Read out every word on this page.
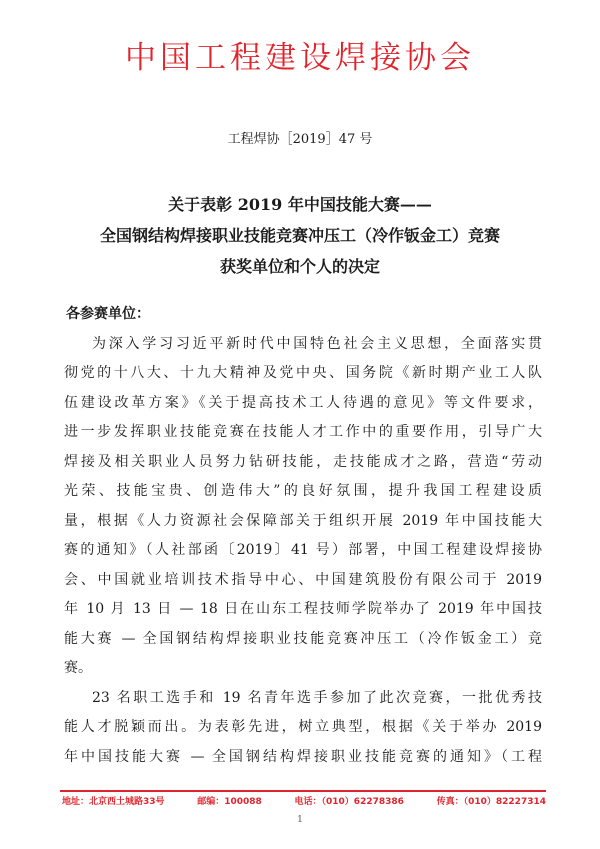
中国工程建设焊接协会
工程焊协［2019］47 号
关于表彰 2019 年中国技能大赛——
全国钢结构焊接职业技能竞赛冲压工（冷作钣金工）竞赛
获奖单位和个人的决定
各参赛单位：
为深入学习习近平新时代中国特色社会主义思想，全面落实贯
彻党的十八大、十九大精神及党中央、国务院《新时期产业工人队
伍建设改革方案》《关于提高技术工人待遇的意见》等文件要求，
进一步发挥职业技能竞赛在技能人才工作中的重要作用，引导广大
焊接及相关职业人员努力钻研技能，走技能成才之路，营造“劳动
光荣、技能宝贵、创造伟大”的良好氛围，提升我国工程建设质
量，根据《人力资源社会保障部关于组织开展 2019 年中国技能大
赛的通知》（人社部函〔2019〕41 号）部署，中国工程建设焊接协
会、中国就业培训技术指导中心、中国建筑股份有限公司于 2019
年 10 月 13 日 — 18 日在山东工程技师学院举办了 2019 年中国技
能大赛 — 全国钢结构焊接职业技能竞赛冲压工（冷作钣金工）竞
赛。
23 名职工选手和 19 名青年选手参加了此次竞赛，一批优秀技
能人才脱颖而出。为表彰先进，树立典型，根据《关于举办 2019
年中国技能大赛 — 全国钢结构焊接职业技能竞赛的通知》（工程
地址：北京西土城路33号	邮编：100088	电话：（010）62278386	传真：（010）82227314
1
